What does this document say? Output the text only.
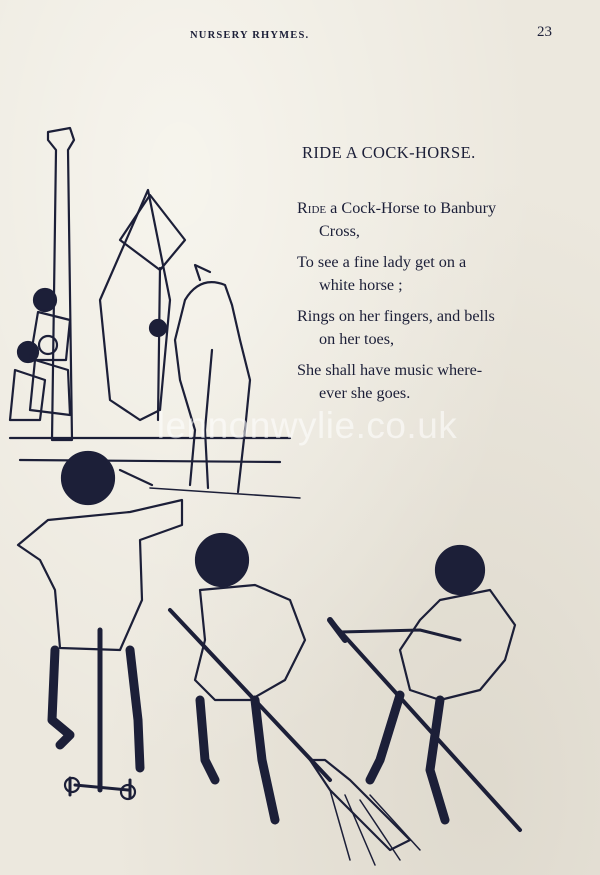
NURSERY RHYMES.	23
RIDE A COCK-HORSE.
Ride a Cock-Horse to Banbury
Cross,
To see a fine lady get on a
white horse ;
Rings on her fingers, and bells
on her toes,
She shall have music where-
ever she goes.
lennonwylie.co.uk
